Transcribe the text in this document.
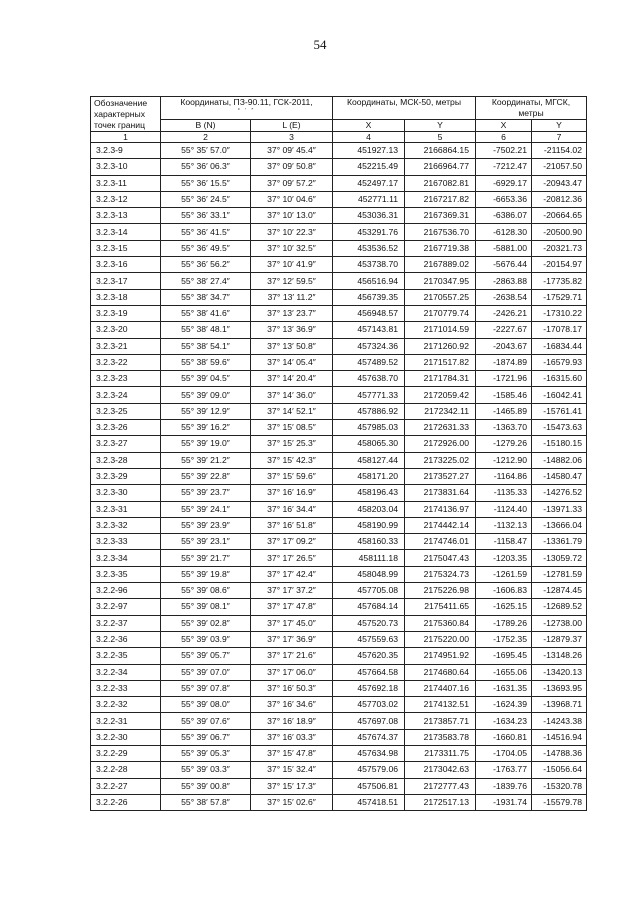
54
Обозначение характерных точек границ	Координаты, ПЗ-90.11, ГСК-2011,
° ′ ″		Координаты, МСК-50, метры		Координаты, МГСК, метры	
	B (N)	L (E)	X	Y	X	Y
1	2	3	4	5	6	7
3.2.3-9	55° 35′ 57.0″	37° 09′ 45.4″	451927.13	2166864.15	-7502.21	-21154.02
3.2.3-10	55° 36′ 06.3″	37° 09′ 50.8″	452215.49	2166964.77	-7212.47	-21057.50
3.2.3-11	55° 36′ 15.5″	37° 09′ 57.2″	452497.17	2167082.81	-6929.17	-20943.47
3.2.3-12	55° 36′ 24.5″	37° 10′ 04.6″	452771.11	2167217.82	-6653.36	-20812.36
3.2.3-13	55° 36′ 33.1″	37° 10′ 13.0″	453036.31	2167369.31	-6386.07	-20664.65
3.2.3-14	55° 36′ 41.5″	37° 10′ 22.3″	453291.76	2167536.70	-6128.30	-20500.90
3.2.3-15	55° 36′ 49.5″	37° 10′ 32.5″	453536.52	2167719.38	-5881.00	-20321.73
3.2.3-16	55° 36′ 56.2″	37° 10′ 41.9″	453738.70	2167889.02	-5676.44	-20154.97
3.2.3-17	55° 38′ 27.4″	37° 12′ 59.5″	456516.94	2170347.95	-2863.88	-17735.82
3.2.3-18	55° 38′ 34.7″	37° 13′ 11.2″	456739.35	2170557.25	-2638.54	-17529.71
3.2.3-19	55° 38′ 41.6″	37° 13′ 23.7″	456948.57	2170779.74	-2426.21	-17310.22
3.2.3-20	55° 38′ 48.1″	37° 13′ 36.9″	457143.81	2171014.59	-2227.67	-17078.17
3.2.3-21	55° 38′ 54.1″	37° 13′ 50.8″	457324.36	2171260.92	-2043.67	-16834.44
3.2.3-22	55° 38′ 59.6″	37° 14′ 05.4″	457489.52	2171517.82	-1874.89	-16579.93
3.2.3-23	55° 39′ 04.5″	37° 14′ 20.4″	457638.70	2171784.31	-1721.96	-16315.60
3.2.3-24	55° 39′ 09.0″	37° 14′ 36.0″	457771.33	2172059.42	-1585.46	-16042.41
3.2.3-25	55° 39′ 12.9″	37° 14′ 52.1″	457886.92	2172342.11	-1465.89	-15761.41
3.2.3-26	55° 39′ 16.2″	37° 15′ 08.5″	457985.03	2172631.33	-1363.70	-15473.63
3.2.3-27	55° 39′ 19.0″	37° 15′ 25.3″	458065.30	2172926.00	-1279.26	-15180.15
3.2.3-28	55° 39′ 21.2″	37° 15′ 42.3″	458127.44	2173225.02	-1212.90	-14882.06
3.2.3-29	55° 39′ 22.8″	37° 15′ 59.6″	458171.20	2173527.27	-1164.86	-14580.47
3.2.3-30	55° 39′ 23.7″	37° 16′ 16.9″	458196.43	2173831.64	-1135.33	-14276.52
3.2.3-31	55° 39′ 24.1″	37° 16′ 34.4″	458203.04	2174136.97	-1124.40	-13971.33
3.2.3-32	55° 39′ 23.9″	37° 16′ 51.8″	458190.99	2174442.14	-1132.13	-13666.04
3.2.3-33	55° 39′ 23.1″	37° 17′ 09.2″	458160.33	2174746.01	-1158.47	-13361.79
3.2.3-34	55° 39′ 21.7″	37° 17′ 26.5″	458111.18	2175047.43	-1203.35	-13059.72
3.2.3-35	55° 39′ 19.8″	37° 17′ 42.4″	458048.99	2175324.73	-1261.59	-12781.59
3.2.2-96	55° 39′ 08.6″	37° 17′ 37.2″	457705.08	2175226.98	-1606.83	-12874.45
3.2.2-97	55° 39′ 08.1″	37° 17′ 47.8″	457684.14	2175411.65	-1625.15	-12689.52
3.2.2-37	55° 39′ 02.8″	37° 17′ 45.0″	457520.73	2175360.84	-1789.26	-12738.00
3.2.2-36	55° 39′ 03.9″	37° 17′ 36.9″	457559.63	2175220.00	-1752.35	-12879.37
3.2.2-35	55° 39′ 05.7″	37° 17′ 21.6″	457620.35	2174951.92	-1695.45	-13148.26
3.2.2-34	55° 39′ 07.0″	37° 17′ 06.0″	457664.58	2174680.64	-1655.06	-13420.13
3.2.2-33	55° 39′ 07.8″	37° 16′ 50.3″	457692.18	2174407.16	-1631.35	-13693.95
3.2.2-32	55° 39′ 08.0″	37° 16′ 34.6″	457703.02	2174132.51	-1624.39	-13968.71
3.2.2-31	55° 39′ 07.6″	37° 16′ 18.9″	457697.08	2173857.71	-1634.23	-14243.38
3.2.2-30	55° 39′ 06.7″	37° 16′ 03.3″	457674.37	2173583.78	-1660.81	-14516.94
3.2.2-29	55° 39′ 05.3″	37° 15′ 47.8″	457634.98	2173311.75	-1704.05	-14788.36
3.2.2-28	55° 39′ 03.3″	37° 15′ 32.4″	457579.06	2173042.63	-1763.77	-15056.64
3.2.2-27	55° 39′ 00.8″	37° 15′ 17.3″	457506.81	2172777.43	-1839.76	-15320.78
3.2.2-26	55° 38′ 57.8″	37° 15′ 02.6″	457418.51	2172517.13	-1931.74	-15579.78
